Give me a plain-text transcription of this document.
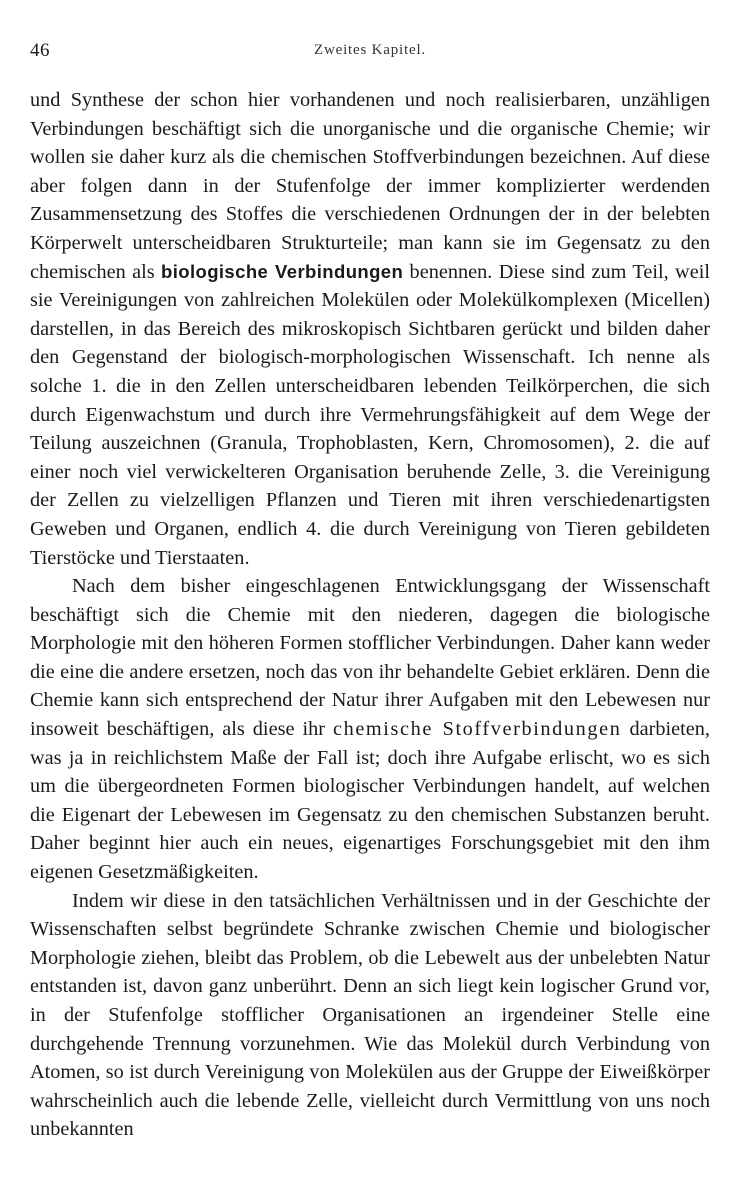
46	Zweites Kapitel.

und Synthese der schon hier vorhandenen und noch realisierbaren, unzähligen Verbindungen beschäftigt sich die unorganische und die organische Chemie; wir wollen sie daher kurz als die chemischen Stoffverbindungen bezeichnen. Auf diese aber folgen dann in der Stufenfolge der immer komplizierter werdenden Zusammensetzung des Stoffes die verschiedenen Ordnungen der in der belebten Körperwelt unterscheidbaren Strukturteile; man kann sie im Gegensatz zu den chemischen als biologische Verbindungen benennen. Diese sind zum Teil, weil sie Vereinigungen von zahlreichen Molekülen oder Molekülkomplexen (Micellen) darstellen, in das Bereich des mikroskopisch Sichtbaren gerückt und bilden daher den Gegenstand der biologisch-morphologischen Wissenschaft. Ich nenne als solche 1. die in den Zellen unterscheidbaren lebenden Teilkörperchen, die sich durch Eigenwachstum und durch ihre Vermehrungsfähigkeit auf dem Wege der Teilung auszeichnen (Granula, Trophoblasten, Kern, Chromosomen), 2. die auf einer noch viel verwickelteren Organisation beruhende Zelle, 3. die Vereinigung der Zellen zu vielzelligen Pflanzen und Tieren mit ihren verschiedenartigsten Geweben und Organen, endlich 4. die durch Vereinigung von Tieren gebildeten Tierstöcke und Tierstaaten.

Nach dem bisher eingeschlagenen Entwicklungsgang der Wissenschaft beschäftigt sich die Chemie mit den niederen, dagegen die biologische Morphologie mit den höheren Formen stofflicher Verbindungen. Daher kann weder die eine die andere ersetzen, noch das von ihr behandelte Gebiet erklären. Denn die Chemie kann sich entsprechend der Natur ihrer Aufgaben mit den Lebewesen nur insoweit beschäftigen, als diese ihr chemische Stoffverbindungen darbieten, was ja in reichlichstem Maße der Fall ist; doch ihre Aufgabe erlischt, wo es sich um die übergeordneten Formen biologischer Verbindungen handelt, auf welchen die Eigenart der Lebewesen im Gegensatz zu den chemischen Substanzen beruht. Daher beginnt hier auch ein neues, eigenartiges Forschungsgebiet mit den ihm eigenen Gesetzmäßigkeiten.

Indem wir diese in den tatsächlichen Verhältnissen und in der Geschichte der Wissenschaften selbst begründete Schranke zwischen Chemie und biologischer Morphologie ziehen, bleibt das Problem, ob die Lebewelt aus der unbelebten Natur entstanden ist, davon ganz unberührt. Denn an sich liegt kein logischer Grund vor, in der Stufenfolge stofflicher Organisationen an irgendeiner Stelle eine durchgehende Trennung vorzunehmen. Wie das Molekül durch Verbindung von Atomen, so ist durch Vereinigung von Molekülen aus der Gruppe der Eiweißkörper wahrscheinlich auch die lebende Zelle, vielleicht durch Vermittlung von uns noch unbekannten
